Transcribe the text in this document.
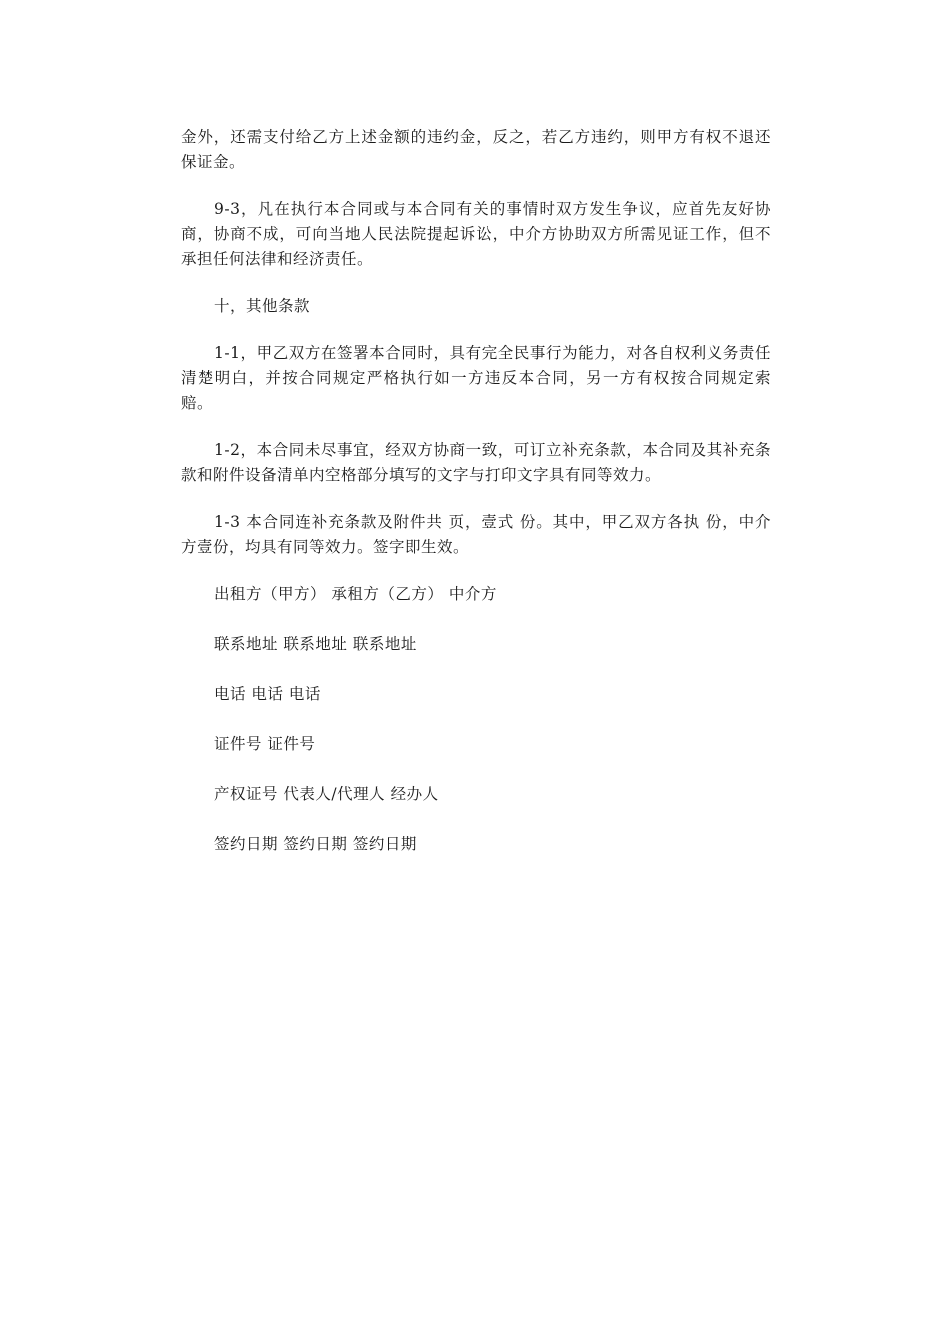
金外，还需支付给乙方上述金额的违约金，反之，若乙方违约，则甲方有权不退还保证金。

9-3，凡在执行本合同或与本合同有关的事情时双方发生争议，应首先友好协商，协商不成，可向当地人民法院提起诉讼，中介方协助双方所需见证工作，但不承担任何法律和经济责任。

十，其他条款

1-1，甲乙双方在签署本合同时，具有完全民事行为能力，对各自权利义务责任清楚明白，并按合同规定严格执行如一方违反本合同，另一方有权按合同规定索赔。

1-2，本合同未尽事宜，经双方协商一致，可订立补充条款，本合同及其补充条款和附件设备清单内空格部分填写的文字与打印文字具有同等效力。

1-3 本合同连补充条款及附件共 页，壹式 份。其中，甲乙双方各执 份，中介方壹份，均具有同等效力。签字即生效。

出租方（甲方） 承租方（乙方） 中介方
联系地址 联系地址 联系地址
电话 电话 电话
证件号 证件号
产权证号 代表人/代理人 经办人
签约日期 签约日期 签约日期
